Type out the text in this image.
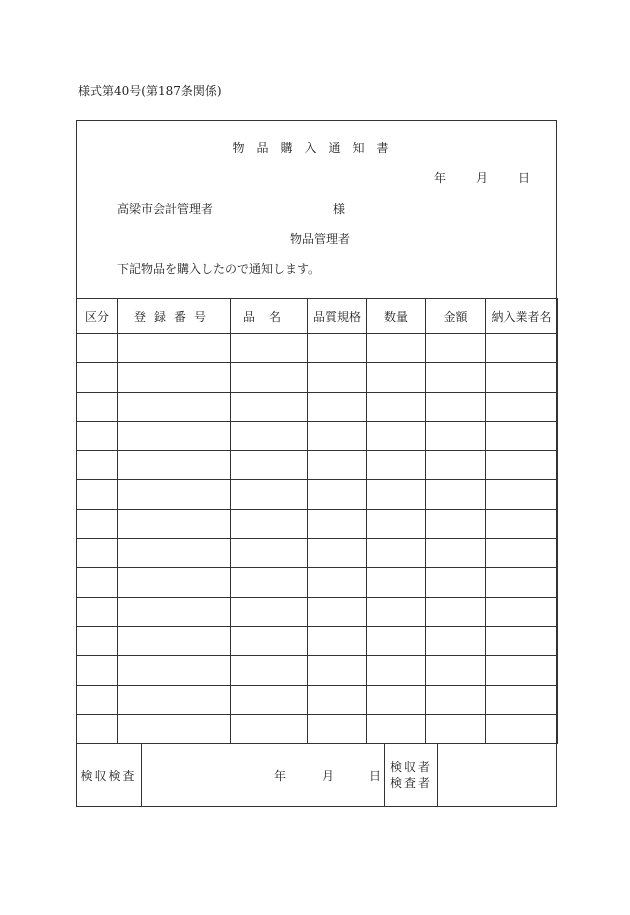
様式第40号(第187条関係)
物品購入通知書
年	月	日
高梁市会計管理者	様
物品管理者
下記物品を購入したので通知します。
区分	登録番号	品名	品質規格	数量	金額	納入業者名

検収検査	年	月	日
検収者
検査者
